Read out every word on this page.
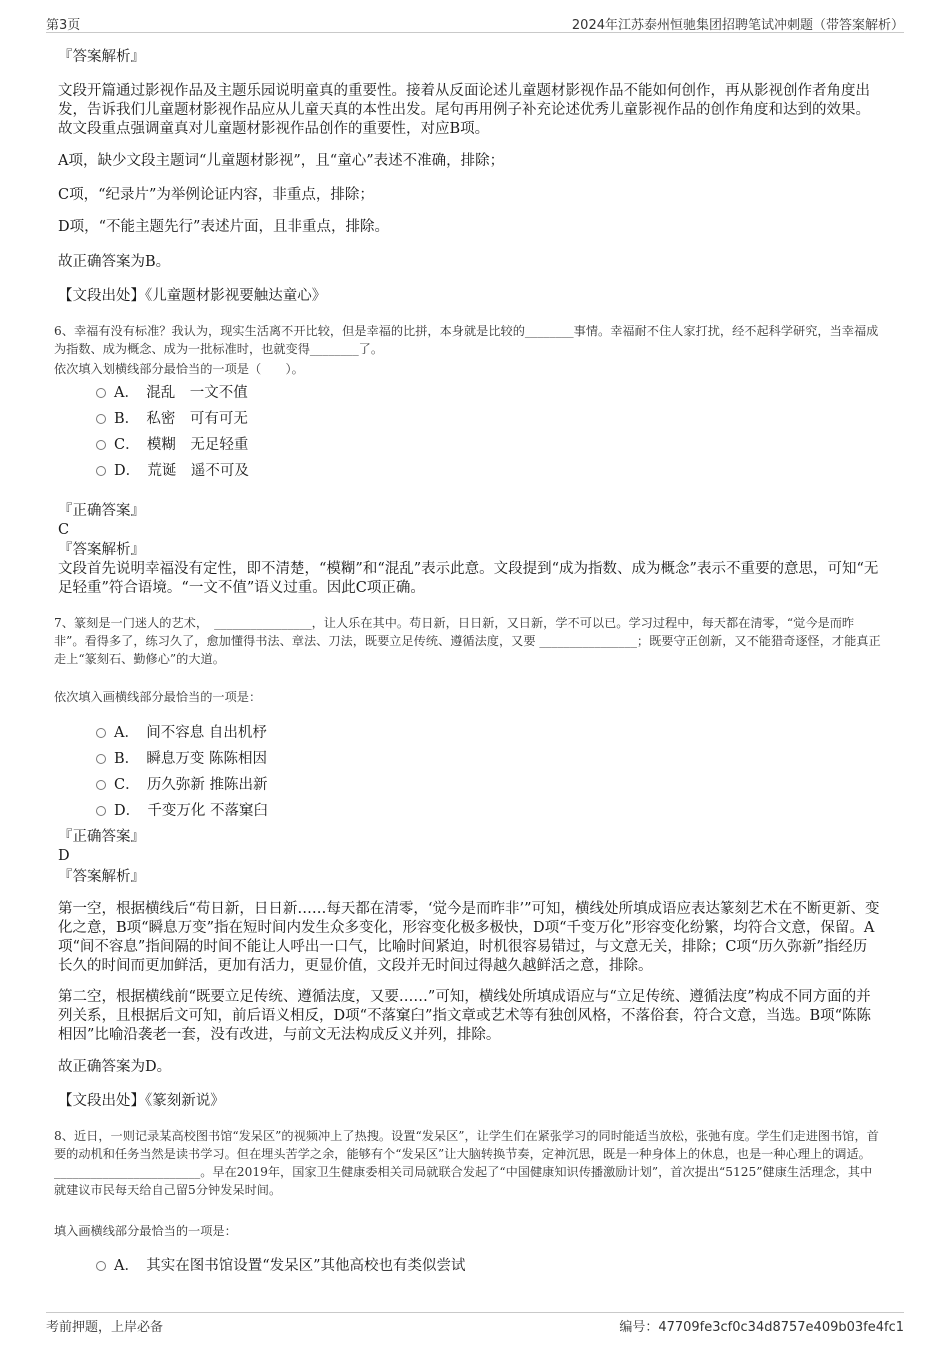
第3页	2024年江苏泰州恒驰集团招聘笔试冲刺题（带答案解析）

『答案解析』

文段开篇通过影视作品及主题乐园说明童真的重要性。接着从反面论述儿童题材影视作品不能如何创作，再从影视创作者角度出发，告诉我们儿童题材影视作品应从儿童天真的本性出发。尾句再用例子补充论述优秀儿童影视作品的创作角度和达到的效果。故文段重点强调童真对儿童题材影视作品创作的重要性，对应B项。

A项，缺少文段主题词“儿童题材影视”，且“童心”表述不准确，排除；

C项，“纪录片”为举例论证内容，非重点，排除；

D项，“不能主题先行”表述片面，且非重点，排除。

故正确答案为B。

【文段出处】《儿童题材影视要触达童心》

6、幸福有没有标准？我认为，现实生活离不开比较，但是幸福的比拼，本身就是比较的________事情。幸福耐不住人家打扰，经不起科学研究，当幸福成为指数、成为概念、成为一批标准时，也就变得________了。

依次填入划横线部分最恰当的一项是（　　）。

A．　混乱　一文不值
B．　私密　可有可无
C．　模糊　无足轻重
D．　荒诞　遥不可及

『正确答案』

C

『答案解析』

文段首先说明幸福没有定性，即不清楚，“模糊”和“混乱”表示此意。文段提到“成为指数、成为概念”表示不重要的意思，可知“无足轻重”符合语境。“一文不值”语义过重。因此C项正确。

7、篆刻是一门迷人的艺术，　________________，让人乐在其中。苟日新，日日新，又日新，学不可以已。学习过程中，每天都在清零，“觉今是而昨非”。看得多了，练习久了，愈加懂得书法、章法、刀法，既要立足传统、遵循法度，又要 ________________；既要守正创新，又不能猎奇逐怪，才能真正走上“篆刻石、勤修心”的大道。

依次填入画横线部分最恰当的一项是：

A．　间不容息 自出机杼
B．　瞬息万变 陈陈相因
C．　历久弥新 推陈出新
D．　千变万化 不落窠臼

『正确答案』

D

『答案解析』

第一空，根据横线后“苟日新，日日新……每天都在清零，‘觉今是而昨非’”可知，横线处所填成语应表达篆刻艺术在不断更新、变化之意，B项“瞬息万变”指在短时间内发生众多变化，形容变化极多极快，D项“千变万化”形容变化纷繁，均符合文意，保留。A项“间不容息”指间隔的时间不能让人呼出一口气，比喻时间紧迫，时机很容易错过，与文意无关，排除；C项“历久弥新”指经历长久的时间而更加鲜活，更加有活力，更显价值，文段并无时间过得越久越鲜活之意，排除。

第二空，根据横线前“既要立足传统、遵循法度，又要……”可知，横线处所填成语应与“立足传统、遵循法度”构成不同方面的并列关系，且根据后文可知，前后语义相反，D项“不落窠臼”指文章或艺术等有独创风格，不落俗套，符合文意，当选。B项“陈陈相因”比喻沿袭老一套，没有改进，与前文无法构成反义并列，排除。

故正确答案为D。

【文段出处】《篆刻新说》

8、近日，一则记录某高校图书馆“发呆区”的视频冲上了热搜。设置“发呆区”，让学生们在紧张学习的同时能适当放松，张弛有度。学生们走进图书馆，首要的动机和任务当然是读书学习。但在埋头苦学之余，能够有个“发呆区”让大脑转换节奏，定神沉思，既是一种身体上的休息，也是一种心理上的调适。　________________________。早在2019年，国家卫生健康委相关司局就联合发起了“中国健康知识传播激励计划”，首次提出“5125”健康生活理念，其中就建议市民每天给自己留5分钟发呆时间。

填入画横线部分最恰当的一项是：

A．　其实在图书馆设置“发呆区”其他高校也有类似尝试
考前押题，上岸必备	编号：47709fe3cf0c34d8757e409b03fe4fc1
